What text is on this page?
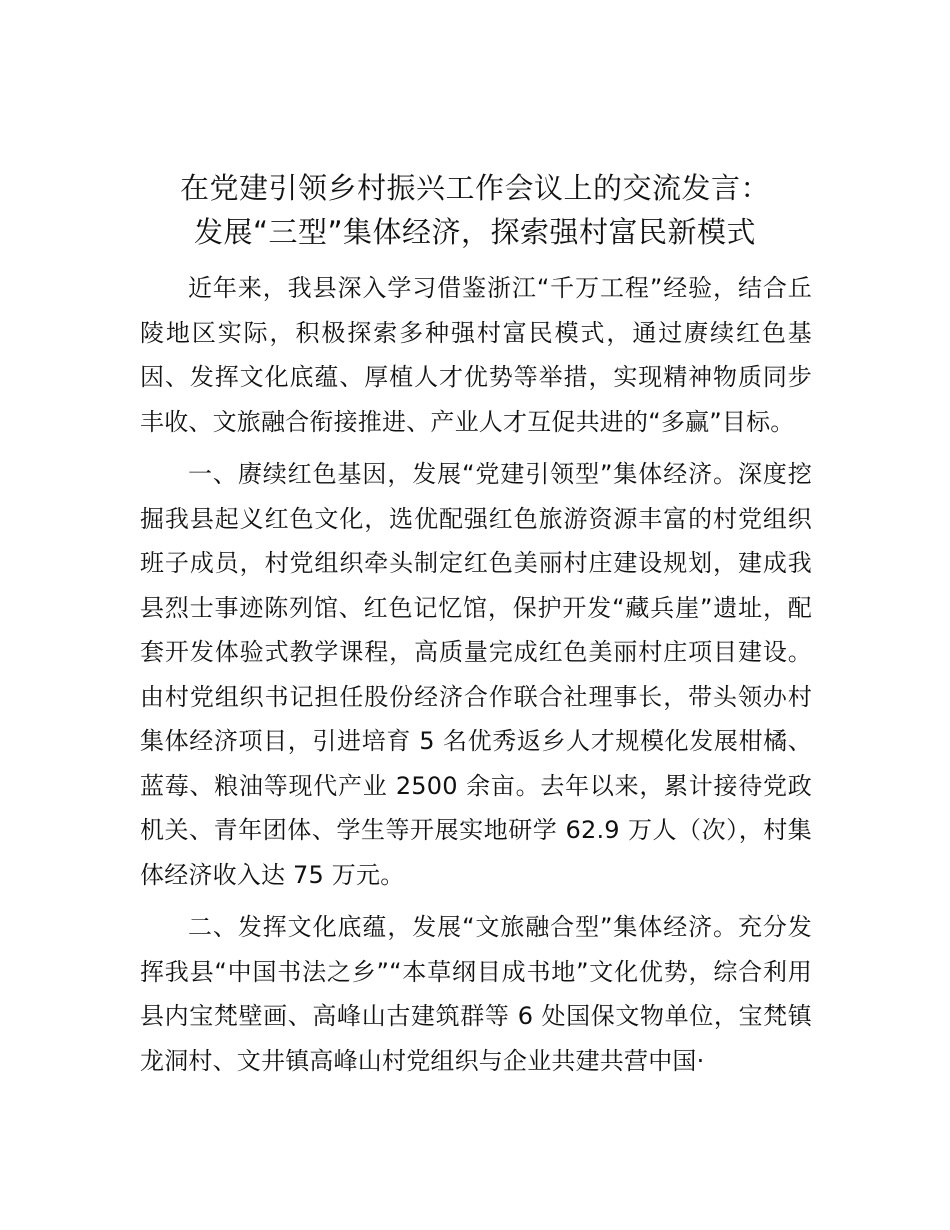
在党建引领乡村振兴工作会议上的交流发言：
发展“三型”集体经济，探索强村富民新模式

近年来，我县深入学习借鉴浙江“千万工程”经验，结合丘陵地区实际，积极探索多种强村富民模式，通过赓续红色基因、发挥文化底蕴、厚植人才优势等举措，实现精神物质同步丰收、文旅融合衔接推进、产业人才互促共进的“多赢”目标。

一、赓续红色基因，发展“党建引领型”集体经济。深度挖掘我县起义红色文化，选优配强红色旅游资源丰富的村党组织班子成员，村党组织牵头制定红色美丽村庄建设规划，建成我县烈士事迹陈列馆、红色记忆馆，保护开发“藏兵崖”遗址，配套开发体验式教学课程，高质量完成红色美丽村庄项目建设。由村党组织书记担任股份经济合作联合社理事长，带头领办村集体经济项目，引进培育 5 名优秀返乡人才规模化发展柑橘、蓝莓、粮油等现代产业 2500 余亩。去年以来，累计接待党政机关、青年团体、学生等开展实地研学 62.9 万人（次），村集体经济收入达 75 万元。

二、发挥文化底蕴，发展“文旅融合型”集体经济。充分发挥我县“中国书法之乡”“本草纲目成书地”文化优势，综合利用县内宝梵壁画、高峰山古建筑群等 6 处国保文物单位，宝梵镇龙洞村、文井镇高峰山村党组织与企业共建共营中国·
